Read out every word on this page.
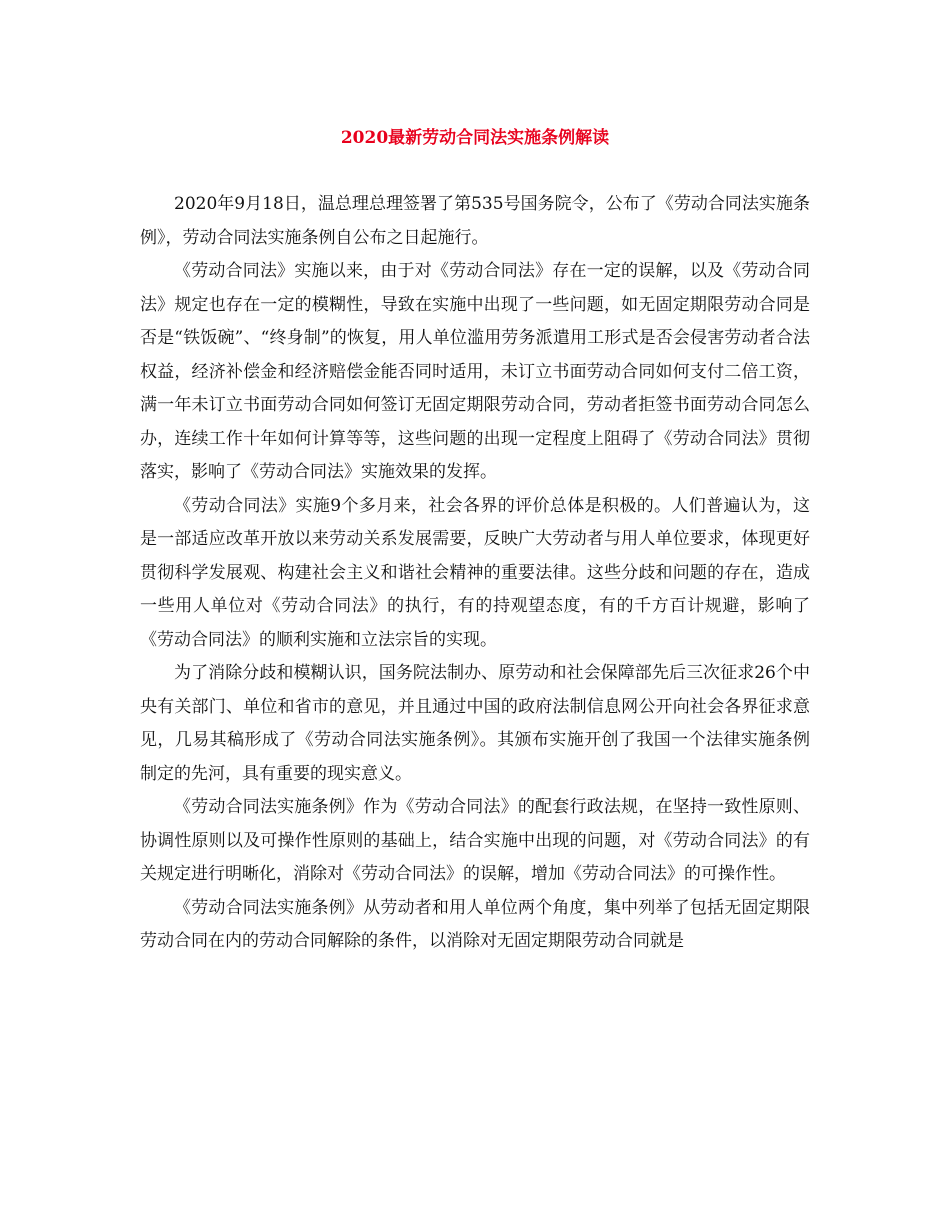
2020最新劳动合同法实施条例解读

2020年9月18日，温总理总理签署了第535号国务院令，公布了《劳动合同法实施条例》，劳动合同法实施条例自公布之日起施行。

《劳动合同法》实施以来，由于对《劳动合同法》存在一定的误解，以及《劳动合同法》规定也存在一定的模糊性，导致在实施中出现了一些问题，如无固定期限劳动合同是否是“铁饭碗”、“终身制”的恢复，用人单位滥用劳务派遣用工形式是否会侵害劳动者合法权益，经济补偿金和经济赔偿金能否同时适用，未订立书面劳动合同如何支付二倍工资，满一年未订立书面劳动合同如何签订无固定期限劳动合同，劳动者拒签书面劳动合同怎么办，连续工作十年如何计算等等，这些问题的出现一定程度上阻碍了《劳动合同法》贯彻落实，影响了《劳动合同法》实施效果的发挥。

《劳动合同法》实施9个多月来，社会各界的评价总体是积极的。人们普遍认为，这是一部适应改革开放以来劳动关系发展需要，反映广大劳动者与用人单位要求，体现更好贯彻科学发展观、构建社会主义和谐社会精神的重要法律。这些分歧和问题的存在，造成一些用人单位对《劳动合同法》的执行，有的持观望态度，有的千方百计规避，影响了《劳动合同法》的顺利实施和立法宗旨的实现。

为了消除分歧和模糊认识，国务院法制办、原劳动和社会保障部先后三次征求26个中央有关部门、单位和省市的意见，并且通过中国的政府法制信息网公开向社会各界征求意见，几易其稿形成了《劳动合同法实施条例》。其颁布实施开创了我国一个法律实施条例制定的先河，具有重要的现实意义。

《劳动合同法实施条例》作为《劳动合同法》的配套行政法规，在坚持一致性原则、协调性原则以及可操作性原则的基础上，结合实施中出现的问题，对《劳动合同法》的有关规定进行明晰化，消除对《劳动合同法》的误解，增加《劳动合同法》的可操作性。

《劳动合同法实施条例》从劳动者和用人单位两个角度，集中列举了包括无固定期限劳动合同在内的劳动合同解除的条件，以消除对无固定期限劳动合同就是
